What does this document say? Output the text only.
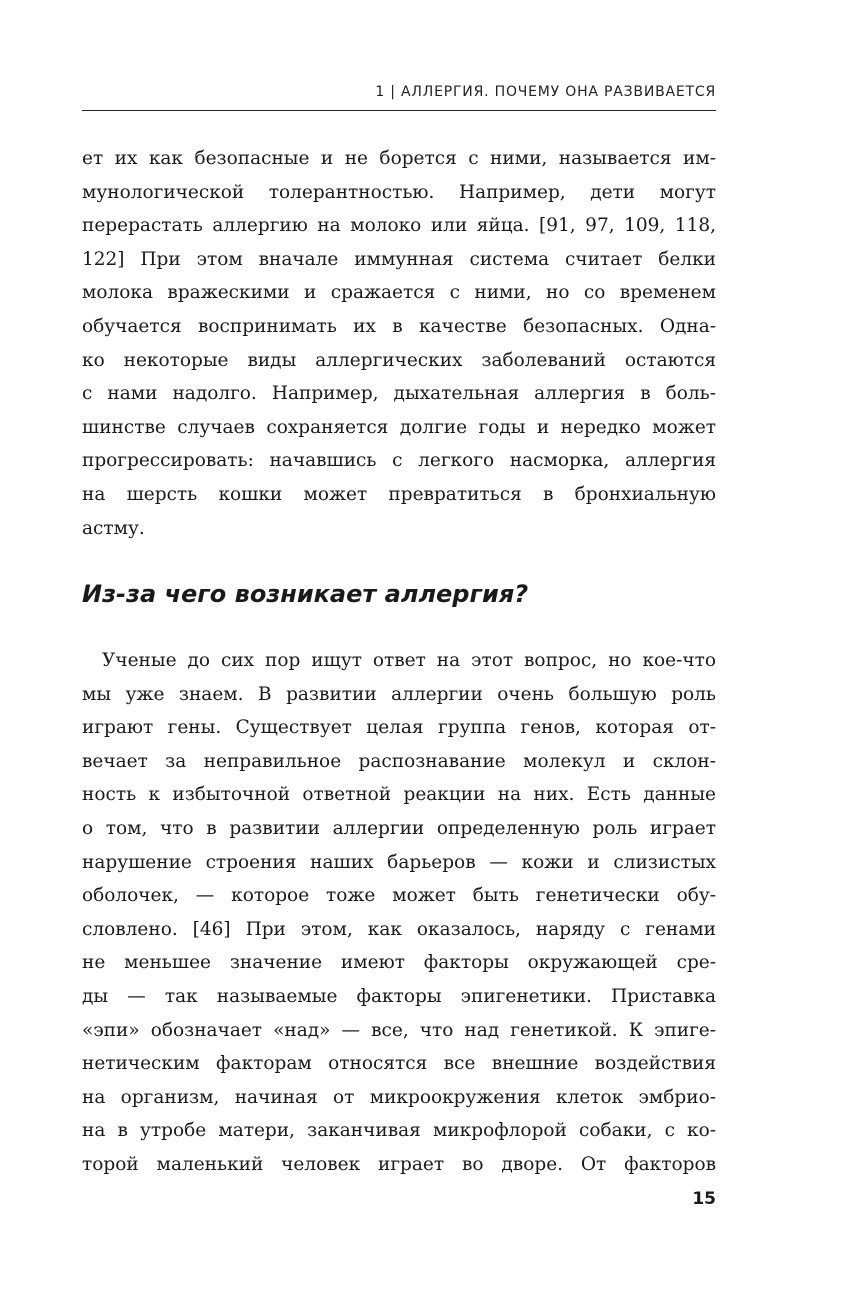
1 | АЛЛЕРГИЯ. ПОЧЕМУ ОНА РАЗВИВАЕТСЯ
ет их как безопасные и не борется с ними, называется им-
мунологической толерантностью. Например, дети могут
перерастать аллергию на молоко или яйца. [91, 97, 109, 118,
122] При этом вначале иммунная система считает белки
молока вражескими и сражается с ними, но со временем
обучается воспринимать их в качестве безопасных. Одна-
ко некоторые виды аллергических заболеваний остаются
с нами надолго. Например, дыхательная аллергия в боль-
шинстве случаев сохраняется долгие годы и нередко может
прогрессировать: начавшись с легкого насморка, аллергия
на шерсть кошки может превратиться в бронхиальную
астму.
Из-за чего возникает аллергия?
Ученые до сих пор ищут ответ на этот вопрос, но кое-что
мы уже знаем. В развитии аллергии очень большую роль
играют гены. Существует целая группа генов, которая от-
вечает за неправильное распознавание молекул и склон-
ность к избыточной ответной реакции на них. Есть данные
о том, что в развитии аллергии определенную роль играет
нарушение строения наших барьеров — кожи и слизистых
оболочек, — которое тоже может быть генетически обу-
словлено. [46] При этом, как оказалось, наряду с генами
не меньшее значение имеют факторы окружающей сре-
ды — так называемые факторы эпигенетики. Приставка
«эпи» обозначает «над» — все, что над генетикой. К эпиге-
нетическим факторам относятся все внешние воздействия
на организм, начиная от микроокружения клеток эмбрио-
на в утробе матери, заканчивая микрофлорой собаки, с ко-
торой маленький человек играет во дворе. От факторов
15
